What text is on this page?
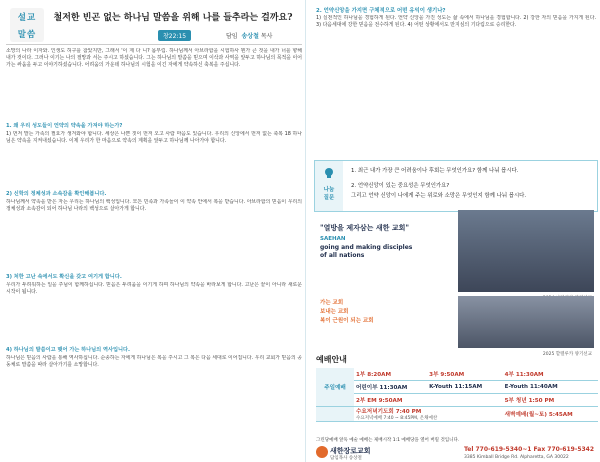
설교
말씀
철저한 빈곤 없는 하나님 말씀을 위해 나를 들추라는 걸까요?
창22:15	담임 송상철 목사
소망의 나라 이자와. 인생도 허구를 참았지만, 그래서 '이 제 다 니? 몸부림. 하나님께서 아브라함을 시험하사 뭔가 큰 것을 내가 너를 향해 내가 것이다. 그러나 이기는 나의 절망과 서는 주시고 하셨습니다. 그는 하나님의 말씀을 믿으며 이삭과 사역을 앞두고 하나님의 목적을 이어가는 싸움을 두고 이야기하셨습니다. 어려움의 가운데 하나님의 시험을 이긴 자에게 약속하신 축복을 주십니다.
1. 왜 우리 성도들이 언약의 약속을 가져야 하는가?
1) 먼저 말는 가족의 필요가 생겨와야 합니다. 세상은 나쁜 짓이 먼저 오고 사람 마음도 있습니다. 우리의 신앙에서 먼저 없는 축복 18 하나님은 약속을 지켜내셨습니다. 이제 우리가 한 마음으로 약속의 계획을 앞두고 하나님께 나아가야 합니다.
2) 신학의 정체성과 소속감을 확인해봅니다.
하나님께서 약속을 받은 자는 우리는 하나님의 백성입니다. 모든 민족과 가족들이 이 약속 안에서 복을 받습니다. 아브라함의 믿음이 우리의 정체성과 소속감이 되어 하나님 나라의 백성으로 살아가게 합니다.
3) 처한 고난 속에서도 확신을 갖고 여기게 합니다.
우리가 두려워하는 일을 주님이 함께하십니다. 믿음은 두려움을 이기게 하며 하나님의 약속을 바라보게 합니다. 고난은 끝이 아니라 새로운 시작이 됩니다.
4) 하나님의 말씀이고 맺어 가는 하나님의 역사입니다.
하나님은 믿음의 사람을 통해 역사하십니다. 순종하는 자에게 하나님은 복을 주시고 그 복은 다음 세대로 이어집니다. 우리 교회가 믿음의 공동체로 말씀을 따라 살아가기를 소망합니다.
2. 언약신앙을 가지면 구체적으로 어떤 유익이 생기나?
1) 실천적인 하나님을 경험하게 된다. 언약 신앙을 가진 성도는 삶 속에서 하나님을 경험합니다. 2) 강한 자의 믿음을 가지게 된다. 3) 다음세대에 강한 믿음을 전수하게 된다. 4) 어떤 상황에서도 만지심의 기다림으로 승리한다.
나눔
질문
1. 최근 내가 가장 큰 어려움이나 후회는 무엇인가요? 함께 나눠 봅시다.
2. 언약신앙이 있는 중요성은 무엇인가요?
그리고 언약 신앙이 나에게 주는 위로와 소망은 무엇인지 함께 나눠 봅시다.
"열방을 제자삼는 새한 교회"
SAEHAN
going and making disciples
of all nations
가는 교회
보내는 교회
복이 근원이 되는 교회
2025 할렐루카 양기선교
예배안내
주일예배	1부 8:20AM	3부 9:50AM	4부 11:30AM
	어린이부 11:30AM	K-Youth 11:15AM	E-Youth 11:40AM
	2부 EM 9:50AM		5부 청년 1:50 PM
	수요저녁기도회 7:40 PM
수요저녁예배 7:40 ~ 8:45PM, 온채예찬		새벽예배(월~토) 5:45AM
그린당예배 앞둑 예술 예배는 제배시작 1:1 예배당을 열어 버릴 것입니다.
새한장로교회
담임목사 송상철
Tel 770-619-5340~1 Fax 770-619-5342
3385 Kimball Bridge Rd. Alpharetta, GA 30022
